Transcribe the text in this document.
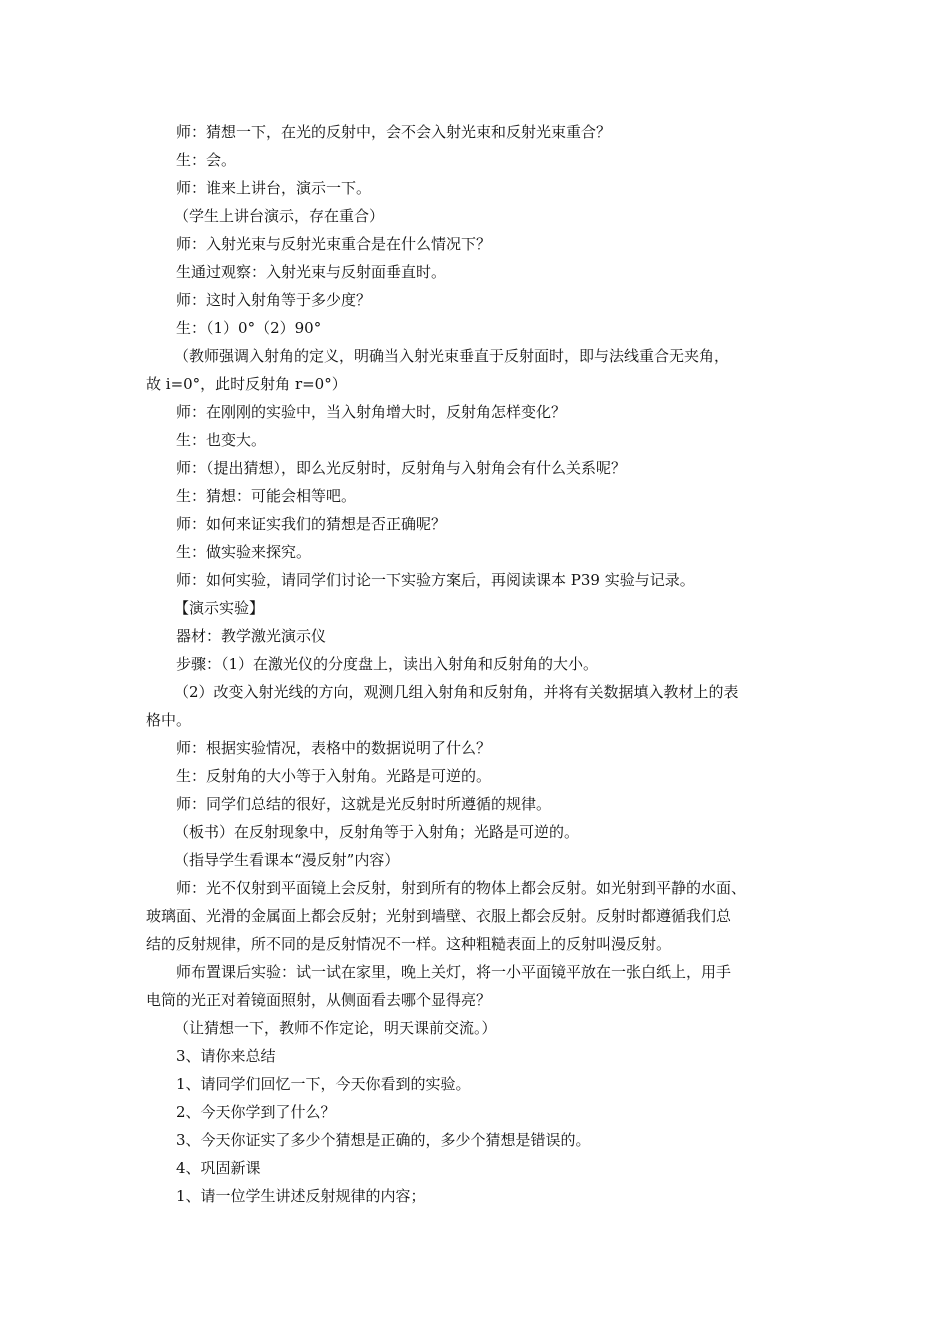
师：猜想一下，在光的反射中，会不会入射光束和反射光束重合？
生：会。
师：谁来上讲台，演示一下。
（学生上讲台演示，存在重合）
师：入射光束与反射光束重合是在什么情况下？
生通过观察：入射光束与反射面垂直时。
师：这时入射角等于多少度？
生：（1）0°（2）90°
（教师强调入射角的定义，明确当入射光束垂直于反射面时，即与法线重合无夹角，
故 i=0°，此时反射角 r=0°）
师：在刚刚的实验中，当入射角增大时，反射角怎样变化？
生：也变大。
师：（提出猜想），即么光反射时，反射角与入射角会有什么关系呢？
生：猜想：可能会相等吧。
师：如何来证实我们的猜想是否正确呢？
生：做实验来探究。
师：如何实验，请同学们讨论一下实验方案后，再阅读课本 P39 实验与记录。
【演示实验】
器材：教学激光演示仪
步骤：（1）在激光仪的分度盘上，读出入射角和反射角的大小。
（2）改变入射光线的方向，观测几组入射角和反射角，并将有关数据填入教材上的表
格中。
师：根据实验情况，表格中的数据说明了什么？
生：反射角的大小等于入射角。光路是可逆的。
师：同学们总结的很好，这就是光反射时所遵循的规律。
（板书）在反射现象中，反射角等于入射角；光路是可逆的。
（指导学生看课本“漫反射”内容）
师：光不仅射到平面镜上会反射，射到所有的物体上都会反射。如光射到平静的水面、
玻璃面、光滑的金属面上都会反射；光射到墙壁、衣服上都会反射。反射时都遵循我们总
结的反射规律，所不同的是反射情况不一样。这种粗糙表面上的反射叫漫反射。
师布置课后实验：试一试在家里，晚上关灯，将一小平面镜平放在一张白纸上，用手
电筒的光正对着镜面照射，从侧面看去哪个显得亮？
（让猜想一下，教师不作定论，明天课前交流。）
3、请你来总结
1、请同学们回忆一下，今天你看到的实验。
2、今天你学到了什么？
3、今天你证实了多少个猜想是正确的，多少个猜想是错误的。
4、巩固新课
1、请一位学生讲述反射规律的内容；
